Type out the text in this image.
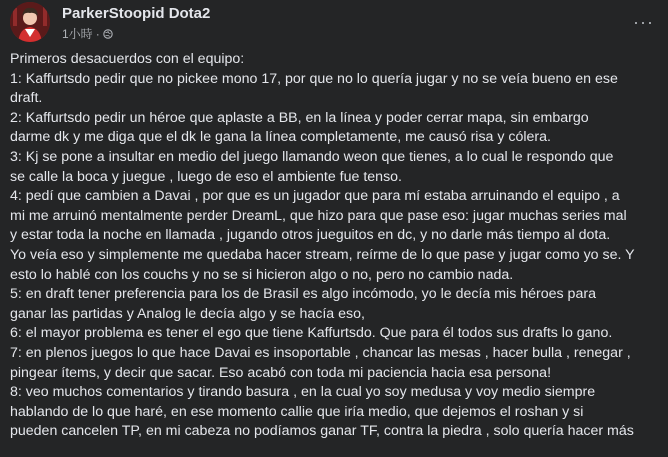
ParkerStoopid Dota2
1小時 ·
···

Primeros desacuerdos con el equipo:

1: Kaffurtsdo pedir que no pickee mono 17, por que no lo quería jugar y no se veía bueno en ese

draft.

2: Kaffurtsdo pedir un héroe que aplaste a BB, en la línea y poder cerrar mapa, sin embargo

darme dk y me diga que el dk le gana la línea completamente, me causó risa y cólera.

3: Kj se pone a insultar en medio del juego llamando weon que tienes, a lo cual le respondo que

se calle la boca y juegue , luego de eso el ambiente fue tenso.

4: pedí que cambien a Davai , por que es un jugador que para mí estaba arruinando el equipo , a

mi me arruinó mentalmente perder DreamL, que hizo para que pase eso: jugar muchas series mal

y estar toda la noche en llamada , jugando otros jueguitos en dc, y no darle más tiempo al dota.

Yo veía eso y simplemente me quedaba hacer stream, reírme de lo que pase y jugar como yo se. Y

esto lo hablé con los couchs y no se si hicieron algo o no, pero no cambio nada.

5: en draft tener preferencia para los de Brasil es algo incómodo, yo le decía mis héroes para

ganar las partidas y Analog le decía algo y se hacía eso,

6: el mayor problema es tener el ego que tiene Kaffurtsdo. Que para él todos sus drafts lo gano.

7: en plenos juegos lo que hace Davai es insoportable , chancar las mesas , hacer bulla , renegar ,

pingear ítems, y decir que sacar. Eso acabó con toda mi paciencia hacia esa persona!

8: veo muchos comentarios y tirando basura , en la cual yo soy medusa y voy medio siempre

hablando de lo que haré, en ese momento callie que iría medio, que dejemos el roshan y si

pueden cancelen TP, en mi cabeza no podíamos ganar TF, contra la piedra , solo quería hacer más
